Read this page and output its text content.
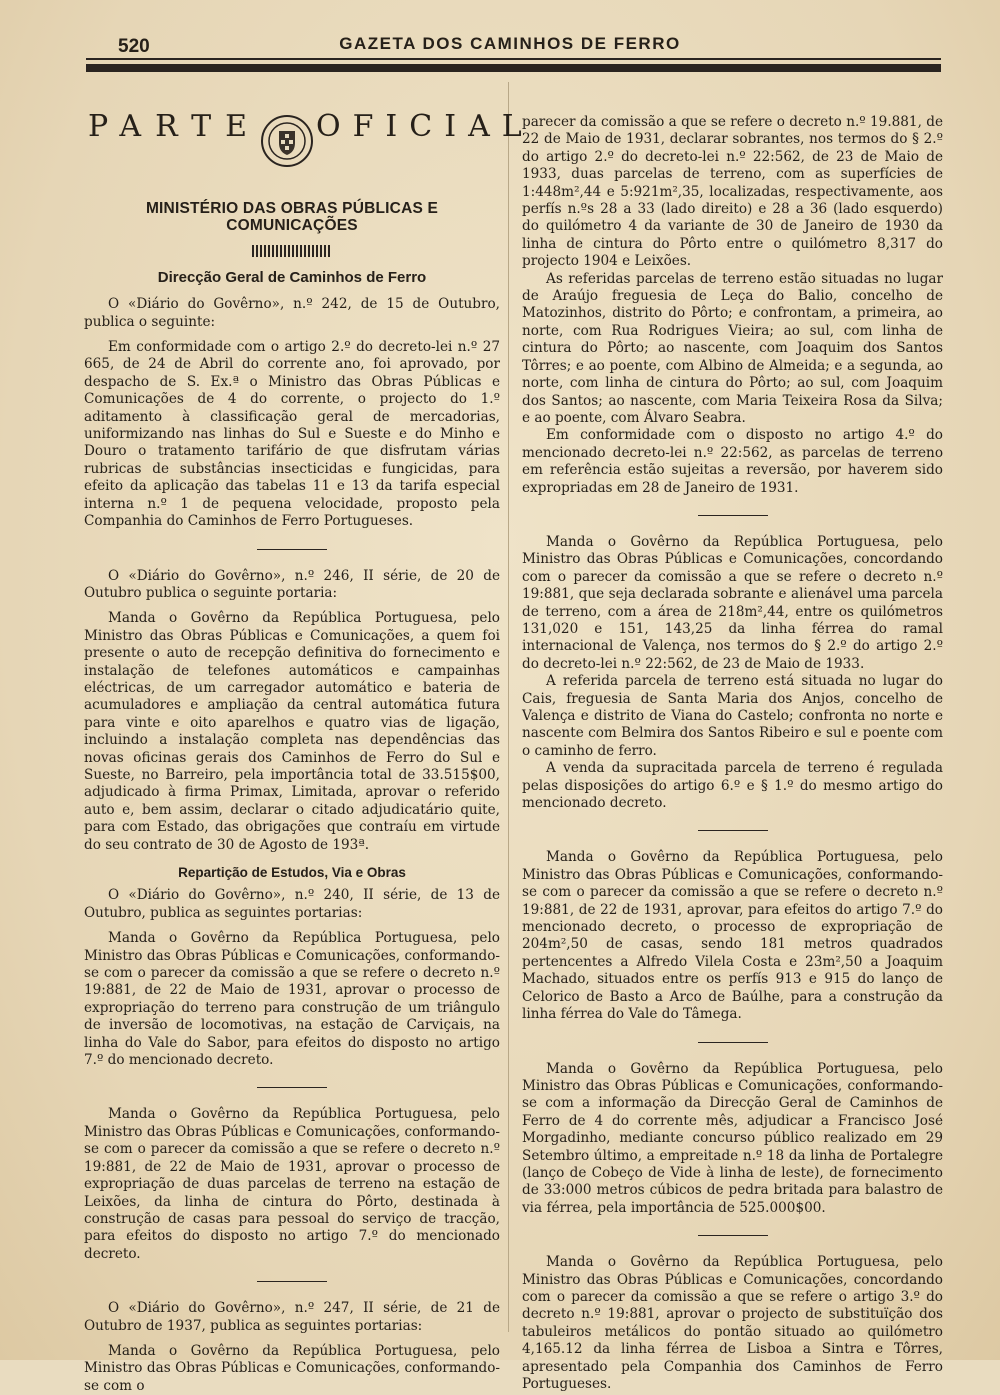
520	GAZETA DOS CAMINHOS DE FERRO
PARTE OFICIAL

MINISTÉRIO DAS OBRAS PÚBLICAS E COMUNICAÇÕES

Direcção Geral de Caminhos de Ferro

O «Diário do Govêrno», n.º 242, de 15 de Outubro, publica o seguinte:

Em conformidade com o artigo 2.º do decreto-lei n.º 27 665, de 24 de Abril do corrente ano, foi aprovado, por despacho de S. Ex.ª o Ministro das Obras Públicas e Comunicações de 4 do corrente, o projecto do 1.º aditamento à classificação geral de mercadorias, uniformizando nas linhas do Sul e Sueste e do Minho e Douro o tratamento tarifário de que disfrutam várias rubricas de substâncias insecticidas e fungicidas, para efeito da aplicação das tabelas 11 e 13 da tarifa especial interna n.º 1 de pequena velocidade, proposto pela Companhia do Caminhos de Ferro Portugueses.

O «Diário do Govêrno», n.º 246, II série, de 20 de Outubro publica o seguinte portaria:

Manda o Govêrno da República Portuguesa, pelo Ministro das Obras Públicas e Comunicações, a quem foi presente o auto de recepção definitiva do fornecimento e instalação de telefones automáticos e campainhas eléctricas, de um carregador automático e bateria de acumuladores e ampliação da central automática futura para vinte e oito aparelhos e quatro vias de ligação, incluindo a instalação completa nas dependências das novas oficinas gerais dos Caminhos de Ferro do Sul e Sueste, no Barreiro, pela importância total de 33.515$00, adjudicado à firma Primax, Limitada, aprovar o referido auto e, bem assim, declarar o citado adjudicatário quite, para com Estado, das obrigações que contraíu em virtude do seu contrato de 30 de Agosto de 193ª.

Repartição de Estudos, Via e Obras

O «Diário do Govêrno», n.º 240, II série, de 13 de Outubro, publica as seguintes portarias:

Manda o Govêrno da República Portuguesa, pelo Ministro das Obras Públicas e Comunicações, conformando-se com o parecer da comissão a que se refere o decreto n.º 19:881, de 22 de Maio de 1931, aprovar o processo de expropriação do terreno para construção de um triângulo de inversão de locomotivas, na estação de Carviçais, na linha do Vale do Sabor, para efeitos do disposto no artigo 7.º do mencionado decreto.

Manda o Govêrno da República Portuguesa, pelo Ministro das Obras Públicas e Comunicações, conformando-se com o parecer da comissão a que se refere o decreto n.º 19:881, de 22 de Maio de 1931, aprovar o processo de expropriação de duas parcelas de terreno na estação de Leixões, da linha de cintura do Pôrto, destinada à construção de casas para pessoal do serviço de tracção, para efeitos do disposto no artigo 7.º do mencionado decreto.

O «Diário do Govêrno», n.º 247, II série, de 21 de Outubro de 1937, publica as seguintes portarias:

Manda o Govêrno da República Portuguesa, pelo Ministro das Obras Públicas e Comunicações, conformando-se com o

parecer da comissão a que se refere o decreto n.º 19.881, de 22 de Maio de 1931, declarar sobrantes, nos termos do § 2.º do artigo 2.º do decreto-lei n.º 22:562, de 23 de Maio de 1933, duas parcelas de terreno, com as superfícies de 1:448m²,44 e 5:921m²,35, localizadas, respectivamente, aos perfís n.ºs 28 a 33 (lado direito) e 28 a 36 (lado esquerdo) do quilómetro 4 da variante de 30 de Janeiro de 1930 da linha de cintura do Pôrto entre o quilómetro 8,317 do projecto 1904 e Leixões.

As referidas parcelas de terreno estão situadas no lugar de Araújo freguesia de Leça do Balio, concelho de Matozinhos, distrito do Pôrto; e confrontam, a primeira, ao norte, com Rua Rodrigues Vieira; ao sul, com linha de cintura do Pôrto; ao nascente, com Joaquim dos Santos Tôrres; e ao poente, com Albino de Almeida; e a segunda, ao norte, com linha de cintura do Pôrto; ao sul, com Joaquim dos Santos; ao nascente, com Maria Teixeira Rosa da Silva; e ao poente, com Álvaro Seabra.

Em conformidade com o disposto no artigo 4.º do mencionado decreto-lei n.º 22:562, as parcelas de terreno em referência estão sujeitas a reversão, por haverem sido expropriadas em 28 de Janeiro de 1931.

Manda o Govêrno da República Portuguesa, pelo Ministro das Obras Públicas e Comunicações, concordando com o parecer da comissão a que se refere o decreto n.º 19:881, que seja declarada sobrante e alienável uma parcela de terreno, com a área de 218m²,44, entre os quilómetros 131,020 e 151, 143,25 da linha férrea do ramal internacional de Valença, nos termos do § 2.º do artigo 2.º do decreto-lei n.º 22:562, de 23 de Maio de 1933.

A referida parcela de terreno está situada no lugar do Cais, freguesia de Santa Maria dos Anjos, concelho de Valença e distrito de Viana do Castelo; confronta no norte e nascente com Belmira dos Santos Ribeiro e sul e poente com o caminho de ferro.

A venda da supracitada parcela de terreno é regulada pelas disposições do artigo 6.º e § 1.º do mesmo artigo do mencionado decreto.

Manda o Govêrno da República Portuguesa, pelo Ministro das Obras Públicas e Comunicações, conformando-se com o parecer da comissão a que se refere o decreto n.º 19:881, de 22 de 1931, aprovar, para efeitos do artigo 7.º do mencionado decreto, o processo de expropriação de 204m²,50 de casas, sendo 181 metros quadrados pertencentes a Alfredo Vilela Costa e 23m²,50 a Joaquim Machado, situados entre os perfís 913 e 915 do lanço de Celorico de Basto a Arco de Baúlhe, para a construção da linha férrea do Vale do Tâmega.

Manda o Govêrno da República Portuguesa, pelo Ministro das Obras Públicas e Comunicações, conformando-se com a informação da Direcção Geral de Caminhos de Ferro de 4 do corrente mês, adjudicar a Francisco José Morgadinho, mediante concurso público realizado em 29 Setembro último, a empreitade n.º 18 da linha de Portalegre (lanço de Cobeço de Vide à linha de leste), de fornecimento de 33:000 metros cúbicos de pedra britada para balastro de via férrea, pela importância de 525.000$00.

Manda o Govêrno da República Portuguesa, pelo Ministro das Obras Públicas e Comunicações, concordando com o parecer da comissão a que se refere o artigo 3.º do decreto n.º 19:881, aprovar o projecto de substituïção dos tabuleiros metálicos do pontão situado ao quilómetro 4,165.12 da linha férrea de Lisboa a Sintra e Tôrres, apresentado pela Companhia dos Caminhos de Ferro Portugueses.
